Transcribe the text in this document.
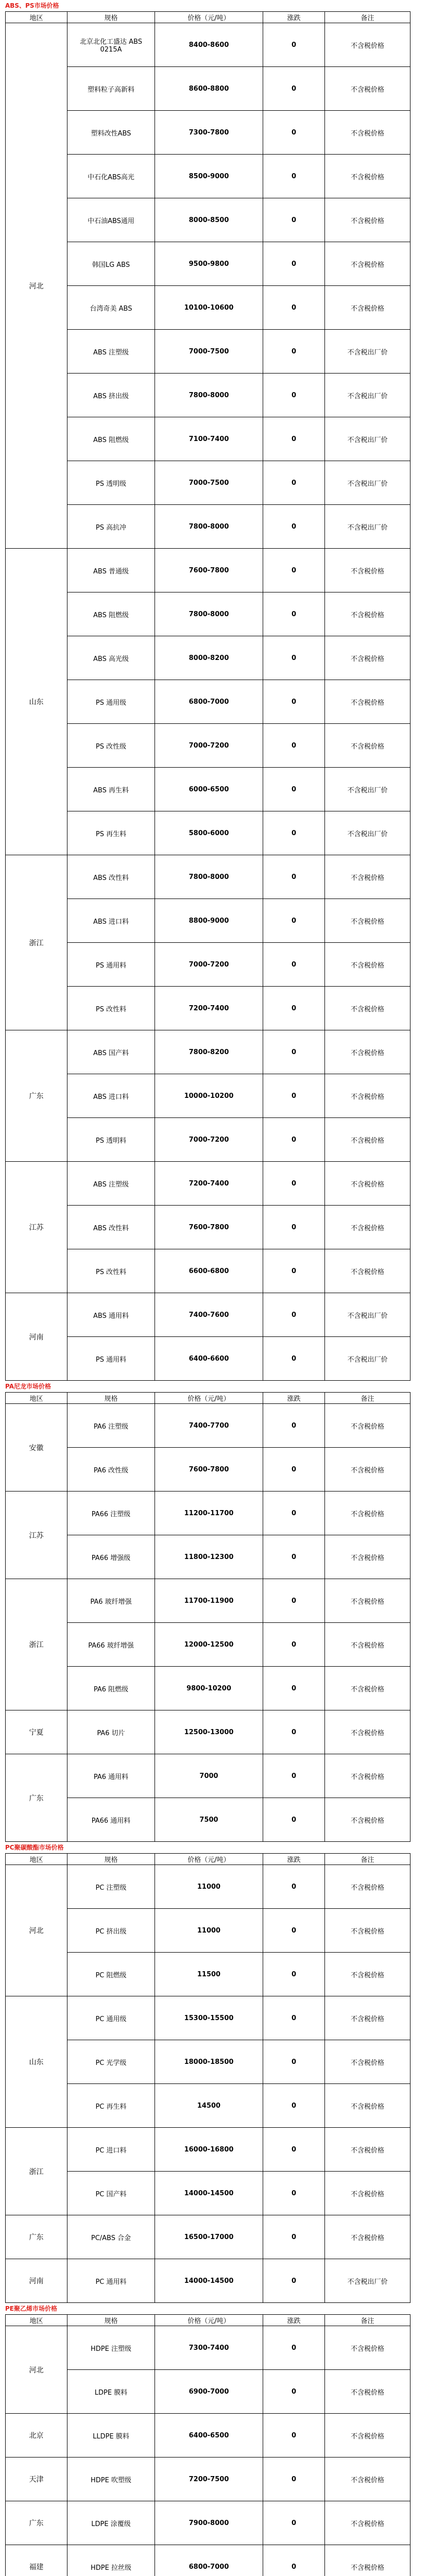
ABS、PS市场价格
地区	规格	价格（元/吨）	涨跌	备注
河北	北京北化工盛达 ABS 0215A	8400-8600	0	不含税价格
	塑料粒子高新料	8600-8800	0	不含税价格
	塑料改性ABS	7300-7800	0	不含税价格
	中石化ABS高光	8500-9000	0	不含税价格
	中石油ABS通用	8000-8500	0	不含税价格
	韩国LG ABS	9500-9800	0	不含税价格
	台湾奇美 ABS	10100-10600	0	不含税价格
	ABS 注塑级	7000-7500	0	不含税出厂价
	ABS 挤出级	7800-8000	0	不含税出厂价
	ABS 阻燃级	7100-7400	0	不含税出厂价
	PS 透明级	7000-7500	0	不含税出厂价
	PS 高抗冲	7800-8000	0	不含税出厂价
山东	ABS 普通级	7600-7800	0	不含税价格
	ABS 阻燃级	7800-8000	0	不含税价格
	ABS 高光级	8000-8200	0	不含税价格
	PS 通用级	6800-7000	0	不含税价格
	PS 改性级	7000-7200	0	不含税价格
	ABS 再生料	6000-6500	0	不含税出厂价
	PS 再生料	5800-6000	0	不含税出厂价
浙江	ABS 改性料	7800-8000	0	不含税价格
	ABS 进口料	8800-9000	0	不含税价格
	PS 通用料	7000-7200	0	不含税价格
	PS 改性料	7200-7400	0	不含税价格
广东	ABS 国产料	7800-8200	0	不含税价格
	ABS 进口料	10000-10200	0	不含税价格
	PS 透明料	7000-7200	0	不含税价格
江苏	ABS 注塑级	7200-7400	0	不含税价格
	ABS 改性料	7600-7800	0	不含税价格
	PS 改性料	6600-6800	0	不含税价格
河南	ABS 通用料	7400-7600	0	不含税出厂价
	PS 通用料	6400-6600	0	不含税出厂价
PA尼龙市场价格
地区	规格	价格（元/吨）	涨跌	备注
安徽	PA6 注塑级	7400-7700	0	不含税价格
	PA6 改性级	7600-7800	0	不含税价格
江苏	PA66 注塑级	11200-11700	0	不含税价格
	PA66 增强级	11800-12300	0	不含税价格
浙江	PA6 玻纤增强	11700-11900	0	不含税价格
	PA66 玻纤增强	12000-12500	0	不含税价格
	PA6 阻燃级	9800-10200	0	不含税价格
宁夏	PA6 切片	12500-13000	0	不含税价格
广东	PA6 通用料	7000	0	不含税价格
	PA66 通用料	7500	0	不含税价格
PC聚碳酸酯市场价格
地区	规格	价格（元/吨）	涨跌	备注
河北	PC 注塑级	11000	0	不含税价格
	PC 挤出级	11000	0	不含税价格
	PC 阻燃级	11500	0	不含税价格
山东	PC 通用级	15300-15500	0	不含税价格
	PC 光学级	18000-18500	0	不含税价格
	PC 再生料	14500	0	不含税价格
浙江	PC 进口料	16000-16800	0	不含税价格
	PC 国产料	14000-14500	0	不含税价格
广东	PC/ABS 合金	16500-17000	0	不含税价格
河南	PC 通用料	14000-14500	0	不含税出厂价
PE聚乙烯市场价格
地区	规格	价格（元/吨）	涨跌	备注
河北	HDPE 注塑级	7300-7400	0	不含税价格
	LDPE 膜料	6900-7000	0	不含税价格
北京	LLDPE 膜料	6400-6500	0	不含税价格
天津	HDPE 吹塑级	7200-7500	0	不含税价格
广东	LDPE 涂覆级	7900-8000	0	不含税价格
福建	HDPE 拉丝级	6800-7000	0	不含税价格
